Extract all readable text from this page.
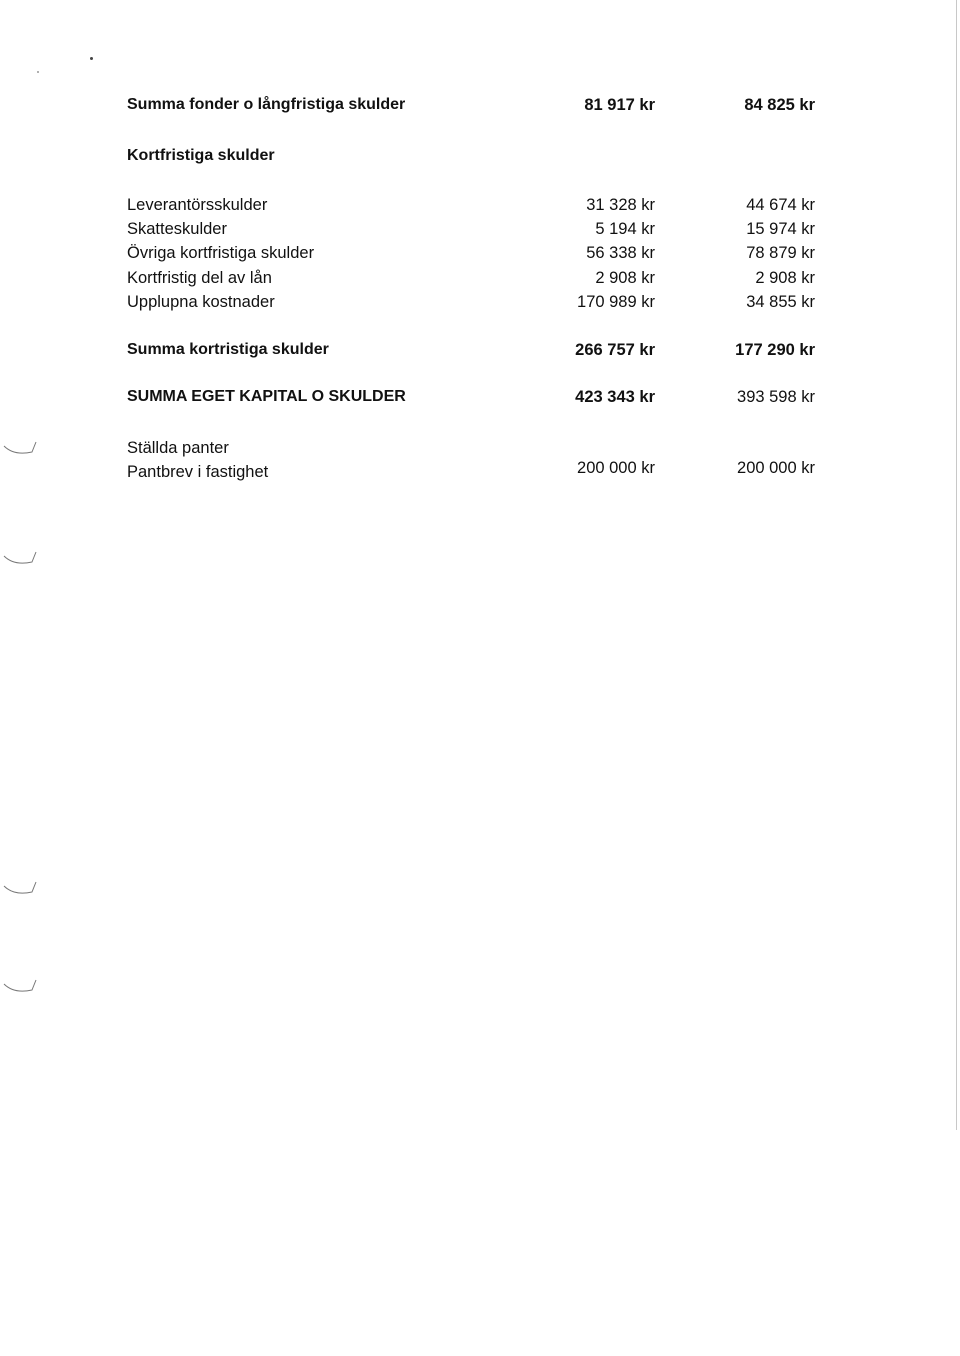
Summa fonder o långfristiga skulder	81 917 kr	84 825 kr
Kortfristiga skulder
Leverantörsskulder	31 328 kr	44 674 kr
Skatteskulder	5 194 kr	15 974 kr
Övriga kortfristiga skulder	56 338 kr	78 879 kr
Kortfristig del av lån	2 908 kr	2 908 kr
Upplupna kostnader	170 989 kr	34 855 kr
Summa kortristiga skulder	266 757 kr	177 290 kr
SUMMA EGET KAPITAL O SKULDER	423 343 kr	393 598 kr
Ställda panter
Pantbrev i fastighet	200 000 kr	200 000 kr
